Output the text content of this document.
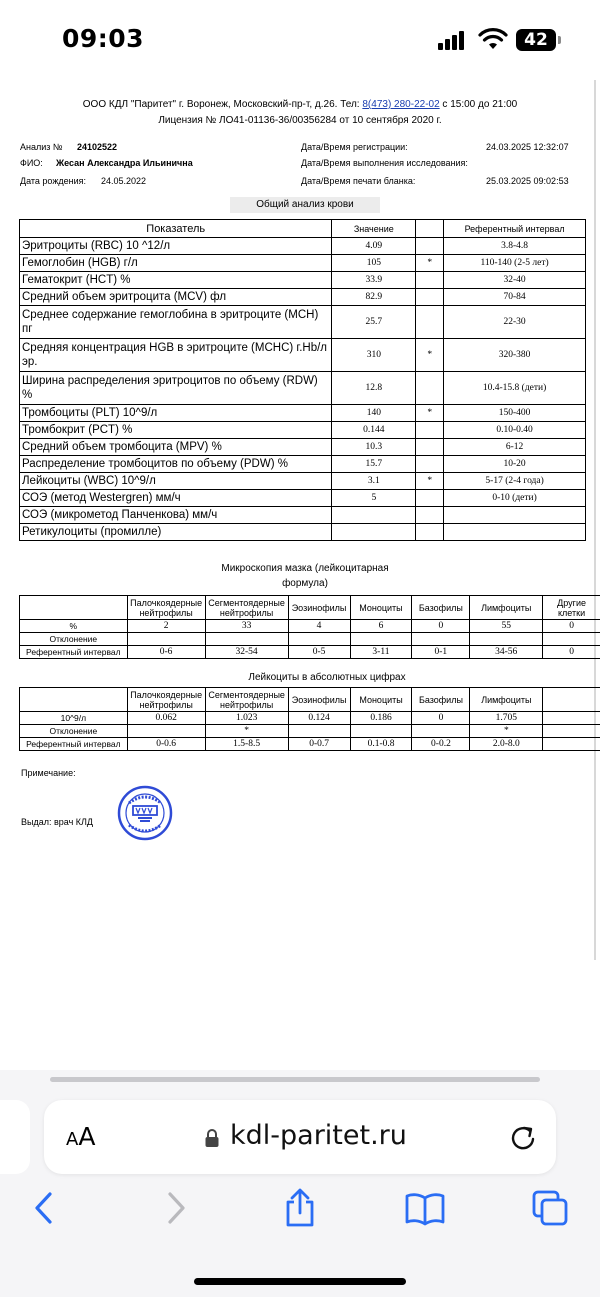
09:03	42
ООО КДЛ "Паритет" г. Воронеж, Московский-пр-т, д.26. Тел: 8(473) 280-22-02 с 15:00 до 21:00
Лицензия № ЛО41-01136-36/00356284 от 10 сентября 2020 г.
Анализ № 24102522
ФИО: Жесан Александра Ильинична
Дата рождения: 24.05.2022
Дата/Время регистрации:	24.03.2025 12:32:07
Дата/Время выполнения исследования:
Дата/Время печати бланка:	25.03.2025 09:02:53
Общий анализ крови
Показатель	Значение		Референтный интервал
Эритроциты (RBC) 10 ^12/л	4.09		3.8-4.8
Гемоглобин (HGB) г/л	105	*	110-140 (2-5 лет)
Гематокрит (HCT) %	33.9		32-40
Средний объем эритроцита (MCV) фл	82.9		70-84
Среднее содержание гемоглобина в эритроците (MCH) пг	25.7		22-30
Средняя концентрация HGB в эритроците (MCHC) г.Hb/л эр.	310	*	320-380
Ширина распределения эритроцитов по объему (RDW) %	12.8		10.4-15.8 (дети)
Тромбоциты (PLT) 10^9/л	140	*	150-400
Тромбокрит (PCT) %	0.144		0.10-0.40
Средний объем тромбоцита (MPV) %	10.3		6-12
Распределение тромбоцитов по объему (PDW) %	15.7		10-20
Лейкоциты (WBC) 10^9/л	3.1	*	5-17 (2-4 года)
СОЭ (метод Westergren) мм/ч	5		0-10 (дети)
СОЭ (микрометод Панченкова) мм/ч			
Ретикулоциты (промилле)			
Микроскопия мазка (лейкоцитарная
формула)
	Палочкоядерные нейтрофилы	Сегментоядерные нейтрофилы	Эозинофилы	Моноциты	Базофилы	Лимфоциты	Другие клетки
%	2	33	4	6	0	55	0
Отклонение							
Референтный интервал	0-6	32-54	0-5	3-11	0-1	34-56	0
Лейкоциты в абсолютных цифрах
	Палочкоядерные нейтрофилы	Сегментоядерные нейтрофилы	Эозинофилы	Моноциты	Базофилы	Лимфоциты	
10^9/л	0.062	1.023	0.124	0.186	0	1.705	
Отклонение		*				*	
Референтный интервал	0-0.6	1.5-8.5	0-0.7	0.1-0.8	0-0.2	2.0-8.0	
Примечание:
Выдал: врач КЛД
AA	kdl-paritet.ru
